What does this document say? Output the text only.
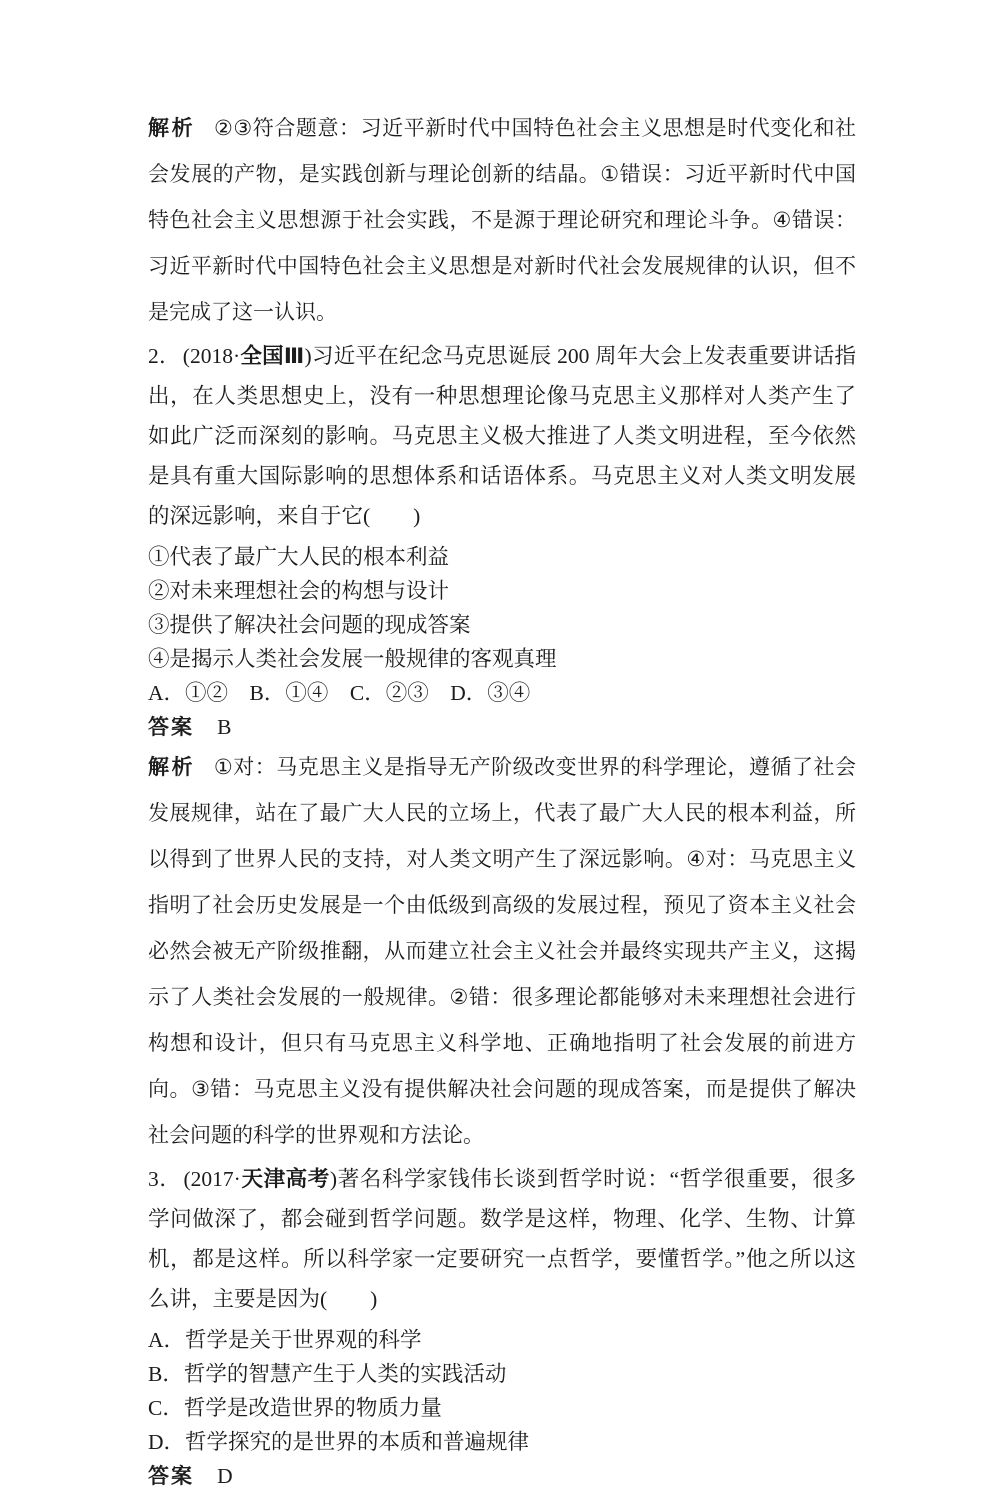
解析 ②③符合题意：习近平新时代中国特色社会主义思想是时代变化和社会发展的产物，是实践创新与理论创新的结晶。①错误：习近平新时代中国特色社会主义思想源于社会实践，不是源于理论研究和理论斗争。④错误：习近平新时代中国特色社会主义思想是对新时代社会发展规律的认识，但不是完成了这一认识。

2．(2018·全国Ⅲ)习近平在纪念马克思诞辰 200 周年大会上发表重要讲话指出，在人类思想史上，没有一种思想理论像马克思主义那样对人类产生了如此广泛而深刻的影响。马克思主义极大推进了人类文明进程，至今依然是具有重大国际影响的思想体系和话语体系。马克思主义对人类文明发展的深远影响，来自于它(　　)

①代表了最广大人民的根本利益

②对未来理想社会的构想与设计

③提供了解决社会问题的现成答案

④是揭示人类社会发展一般规律的客观真理

A．①②　B．①④　C．②③　D．③④

答案 B

解析 ①对：马克思主义是指导无产阶级改变世界的科学理论，遵循了社会发展规律，站在了最广大人民的立场上，代表了最广大人民的根本利益，所以得到了世界人民的支持，对人类文明产生了深远影响。④对：马克思主义指明了社会历史发展是一个由低级到高级的发展过程，预见了资本主义社会必然会被无产阶级推翻，从而建立社会主义社会并最终实现共产主义，这揭示了人类社会发展的一般规律。②错：很多理论都能够对未来理想社会进行构想和设计，但只有马克思主义科学地、正确地指明了社会发展的前进方向。③错：马克思主义没有提供解决社会问题的现成答案，而是提供了解决社会问题的科学的世界观和方法论。

3．(2017·天津高考)著名科学家钱伟长谈到哲学时说：“哲学很重要，很多学问做深了，都会碰到哲学问题。数学是这样，物理、化学、生物、计算机，都是这样。所以科学家一定要研究一点哲学，要懂哲学。”他之所以这么讲，主要是因为(　　)

A．哲学是关于世界观的科学

B．哲学的智慧产生于人类的实践活动

C．哲学是改造世界的物质力量

D．哲学探究的是世界的本质和普遍规律

答案 D
